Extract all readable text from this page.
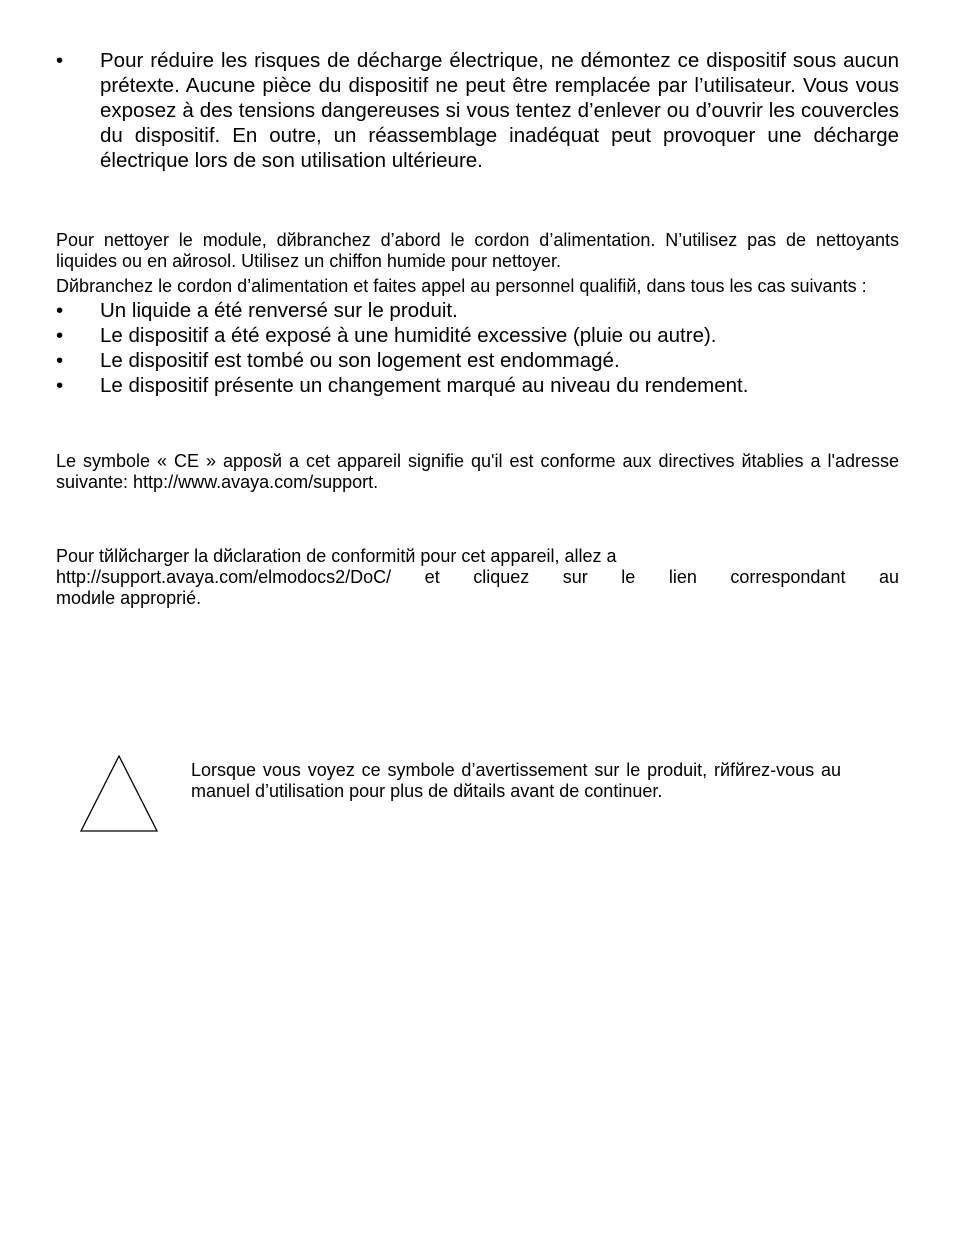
•	Pour réduire les risques de décharge électrique, ne démontez ce dispositif sous aucun prétexte. Aucune pièce du dispositif ne peut être remplacée par l’utilisateur. Vous vous exposez à des tensions dangereuses si vous tentez d’enlever ou d’ouvrir les couvercles du dispositif. En outre, un réassemblage inadéquat peut provoquer une décharge électrique lors de son utilisation ultérieure.

Pour nettoyer le module, dйbranchez d’abord le cordon d’alimentation. N’utilisez pas de nettoyants liquides ou en aйrosol. Utilisez un chiffon humide pour nettoyer.

Dйbranchez le cordon d’alimentation et faites appel au personnel qualifiй, dans tous les cas suivants :

•	Un liquide a été renversé sur le produit.
•	Le dispositif a été exposé à une humidité excessive (pluie ou autre).
•	Le dispositif est tombé ou son logement est endommagé.
•	Le dispositif présente un changement marqué au niveau du rendement.

Le symbole « CE » apposй a cet appareil signifie qu'il est conforme aux directives йtablies a l'adresse suivante: http://www.avaya.com/support.

Pour tйlйcharger la dйclaration de conformitй pour cet appareil, allez a
http://support.avaya.com/elmodocs2/DoC/ et cliquez sur le lien correspondant au
modиle approprié.
Lorsque vous voyez ce symbole d’avertissement sur le produit, rйfйrez-vous au manuel d’utilisation pour plus de dйtails avant de continuer.
